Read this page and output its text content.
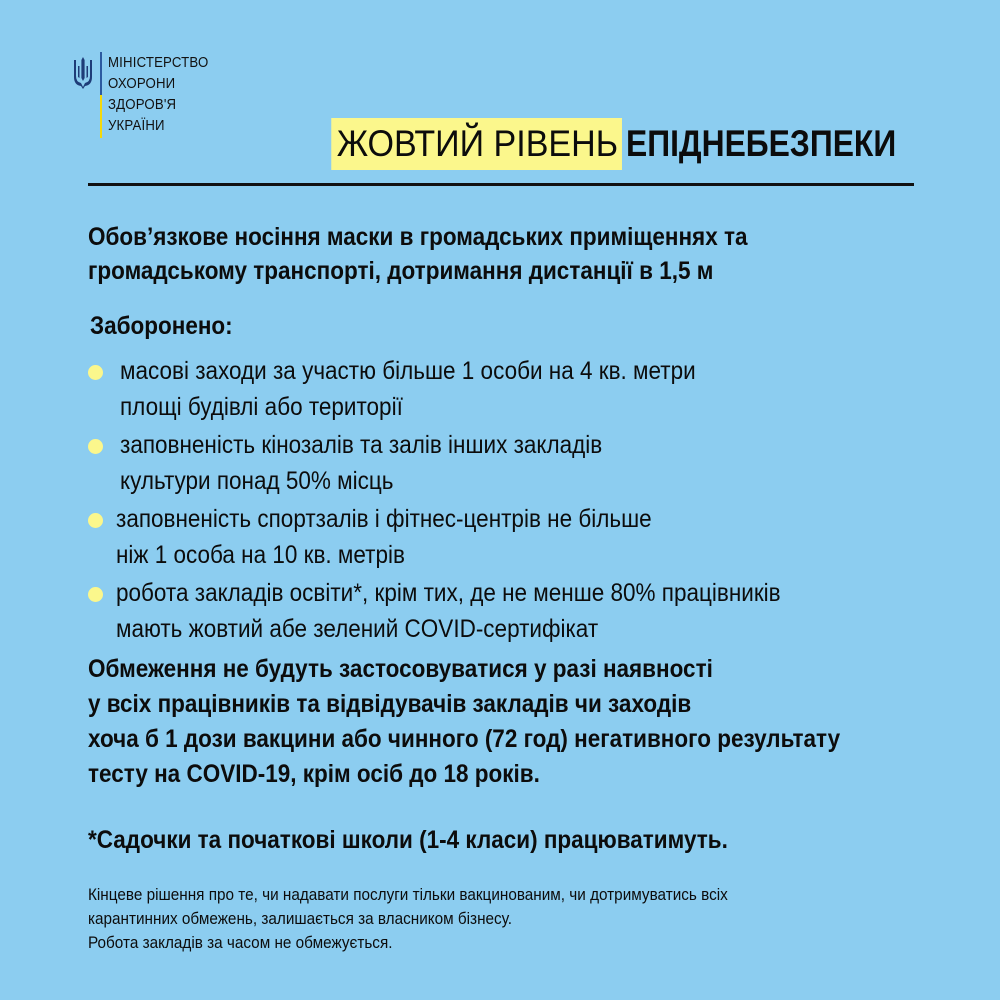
МІНІСТЕРСТВО
ОХОРОНИ
ЗДОРОВ'Я
УКРАЇНИ	ЖОВТИЙ РІВЕНЬ ЕПІДНЕБЕЗПЕКИ
Обов’язкове носіння маски в громадських приміщеннях та
громадському транспорті, дотримання дистанції в 1,5 м
Заборонено:
масові заходи за участю більше 1 особи на 4 кв. метри
площі будівлі або території
заповненість кінозалів та залів інших закладів
культури понад 50% місць
заповненість спортзалів і фітнес-центрів не більше
ніж 1 особа на 10 кв. метрів
робота закладів освіти*, крім тих, де не менше 80% працівників
мають жовтий абе зелений COVID-сертифікат
Обмеження не будуть застосовуватися у разі наявності
у всіх працівників та відвідувачів закладів чи заходів
хоча б 1 дози вакцини або чинного (72 год) негативного результату
тесту на COVID-19, крім осіб до 18 років.
*Садочки та початкові школи (1-4 класи) працюватимуть.
Кінцеве рішення про те, чи надавати послуги тільки вакцинованим, чи дотримуватись всіх
карантинних обмежень, залишається за власником бізнесу.
Робота закладів за часом не обмежується.
